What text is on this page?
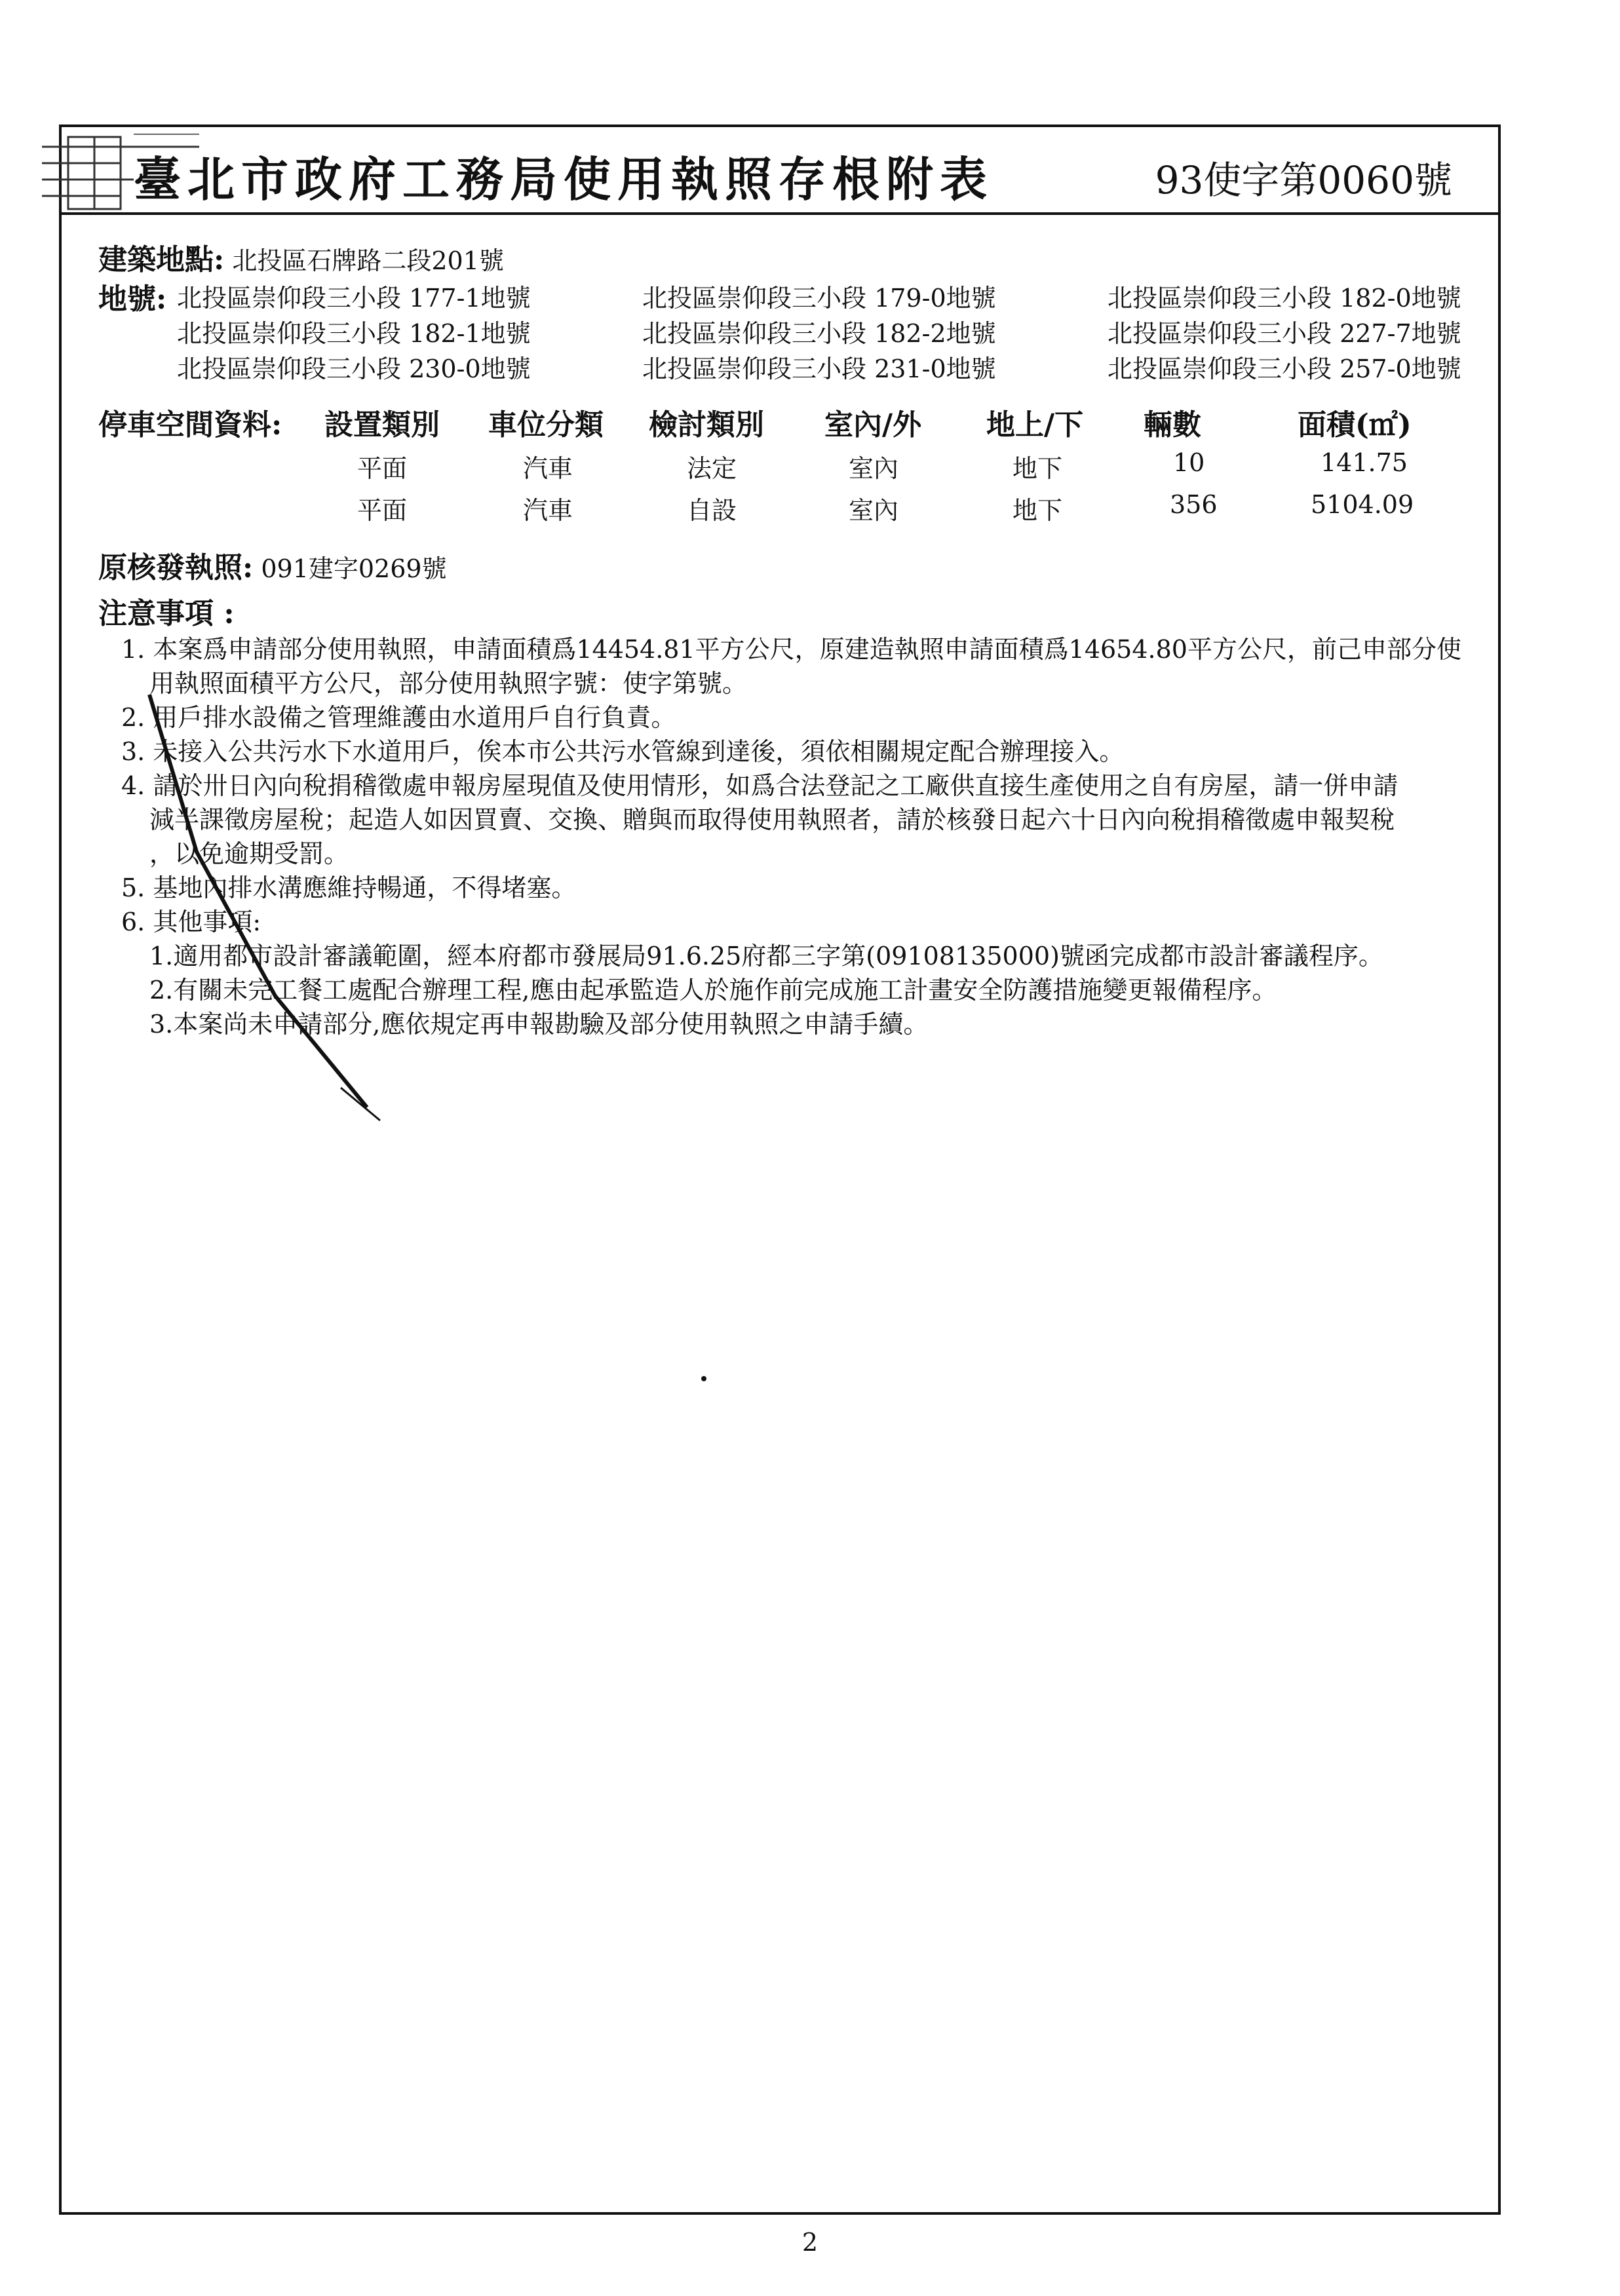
臺北市政府工務局使用執照存根附表	93使字第0060號
建築地點: 北投區石牌路二段201號
地號: 北投區崇仰段三小段 177-1地號	北投區崇仰段三小段 179-0地號	北投區崇仰段三小段 182-0地號
北投區崇仰段三小段 182-1地號	北投區崇仰段三小段 182-2地號	北投區崇仰段三小段 227-7地號
北投區崇仰段三小段 230-0地號	北投區崇仰段三小段 231-0地號	北投區崇仰段三小段 257-0地號
停車空間資料: 設置類別 車位分類 檢討類別 室內/外 地上/下 輛數	面積(㎡)
平面	汽車	法定	室內	地下	10	141.75
平面	汽車	自設	室內	地下	356	5104.09
原核發執照: 091建字0269號
注意事項 :
1. 本案爲申請部分使用執照，申請面積爲14454.81平方公尺，原建造執照申請面積爲14654.80平方公尺，前己申部分使
用執照面積平方公尺，部分使用執照字號：使字第號。
2. 用戶排水設備之管理維護由水道用戶自行負責。
3. 未接入公共污水下水道用戶，俟本市公共污水管線到達後，須依相關規定配合辦理接入。
4. 請於卅日內向稅捐稽徵處申報房屋現值及使用情形，如爲合法登記之工廠供直接生產使用之自有房屋，請一併申請
減半課徵房屋稅；起造人如因買賣、交換、贈與而取得使用執照者，請於核發日起六十日內向稅捐稽徵處申報契稅
，以免逾期受罰。
5. 基地內排水溝應維持暢通，不得堵塞。
6. 其他事項:
1.適用都市設計審議範圍，經本府都市發展局91.6.25府都三字第(09108135000)號函完成都市設計審議程序。
2.有關未完工餐工處配合辦理工程,應由起承監造人於施作前完成施工計畫安全防護措施變更報備程序。
3.本案尚未申請部分,應依規定再申報勘驗及部分使用執照之申請手續。
2
